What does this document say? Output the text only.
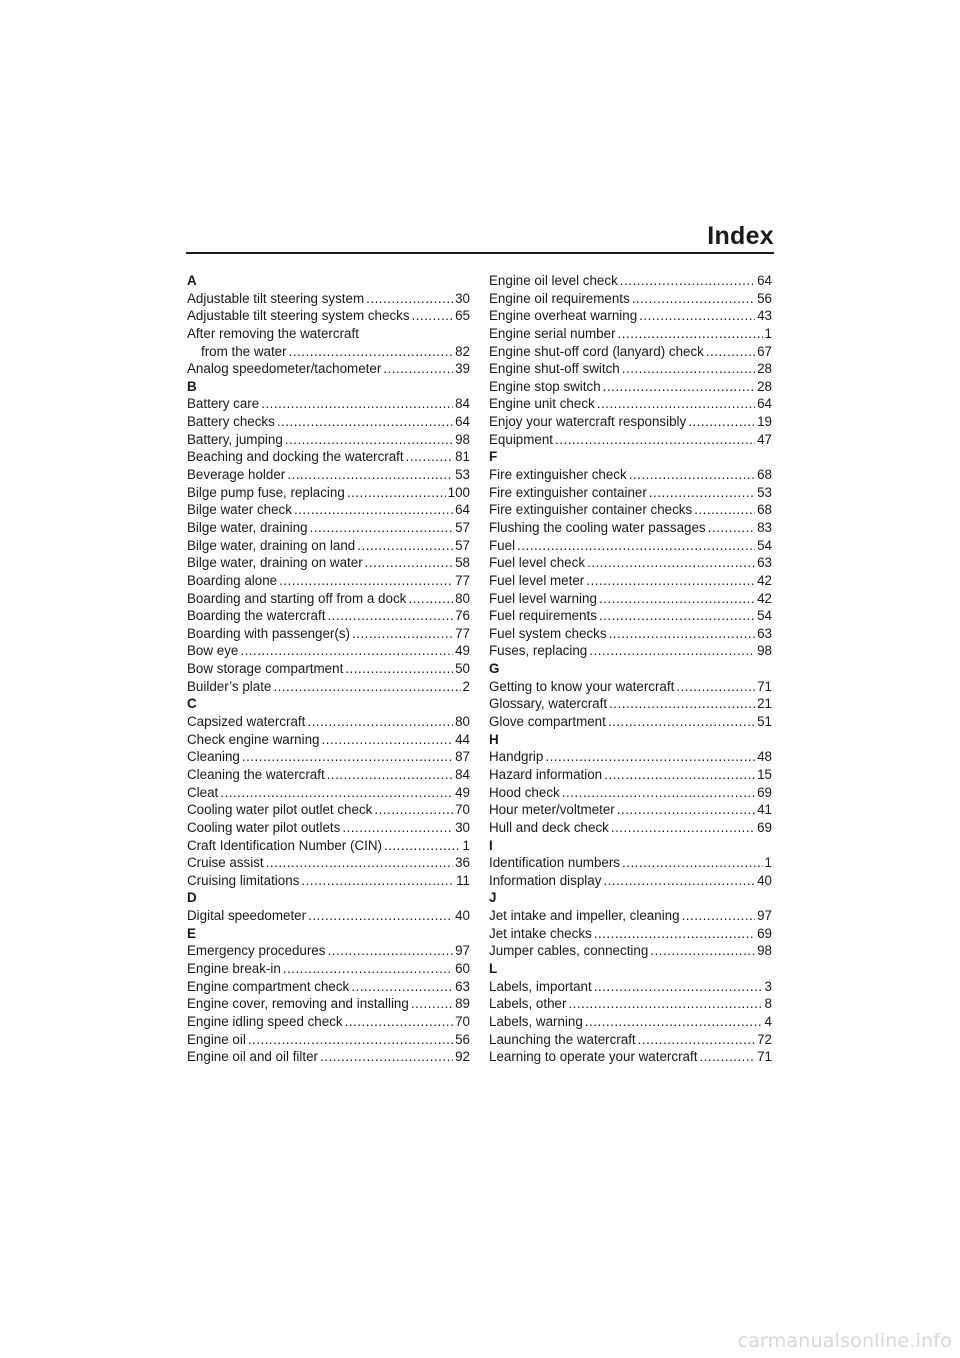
Index
A
Adjustable tilt steering system .....	30
Adjustable tilt steering system checks .....	65
After removing the watercraft
from the water .....	82
Analog speedometer/tachometer .....	39
B
Battery care .....	84
Battery checks .....	64
Battery, jumping .....	98
Beaching and docking the watercraft .....	81
Beverage holder .....	53
Bilge pump fuse, replacing .....	100
Bilge water check .....	64
Bilge water, draining .....	57
Bilge water, draining on land .....	57
Bilge water, draining on water .....	58
Boarding alone .....	77
Boarding and starting off from a dock .....	80
Boarding the watercraft .....	76
Boarding with passenger(s) .....	77
Bow eye .....	49
Bow storage compartment .....	50
Builder’s plate .....	2
C
Capsized watercraft .....	80
Check engine warning .....	44
Cleaning .....	87
Cleaning the watercraft .....	84
Cleat .....	49
Cooling water pilot outlet check .....	70
Cooling water pilot outlets .....	30
Craft Identification Number (CIN) .....	1
Cruise assist .....	36
Cruising limitations .....	11
D
Digital speedometer .....	40
E
Emergency procedures .....	97
Engine break-in .....	60
Engine compartment check .....	63
Engine cover, removing and installing .....	89
Engine idling speed check .....	70
Engine oil .....	56
Engine oil and oil filter .....	92
Engine oil level check .....	64
Engine oil requirements .....	56
Engine overheat warning .....	43
Engine serial number .....	1
Engine shut-off cord (lanyard) check .....	67
Engine shut-off switch .....	28
Engine stop switch .....	28
Engine unit check .....	64
Enjoy your watercraft responsibly .....	19
Equipment .....	47
F
Fire extinguisher check .....	68
Fire extinguisher container .....	53
Fire extinguisher container checks .....	68
Flushing the cooling water passages .....	83
Fuel .....	54
Fuel level check .....	63
Fuel level meter .....	42
Fuel level warning .....	42
Fuel requirements .....	54
Fuel system checks .....	63
Fuses, replacing .....	98
G
Getting to know your watercraft .....	71
Glossary, watercraft .....	21
Glove compartment .....	51
H
Handgrip .....	48
Hazard information .....	15
Hood check .....	69
Hour meter/voltmeter .....	41
Hull and deck check .....	69
I
Identification numbers .....	1
Information display .....	40
J
Jet intake and impeller, cleaning .....	97
Jet intake checks .....	69
Jumper cables, connecting .....	98
L
Labels, important .....	3
Labels, other .....	8
Labels, warning .....	4
Launching the watercraft .....	72
Learning to operate your watercraft .....	71
carmanualsonline.info
